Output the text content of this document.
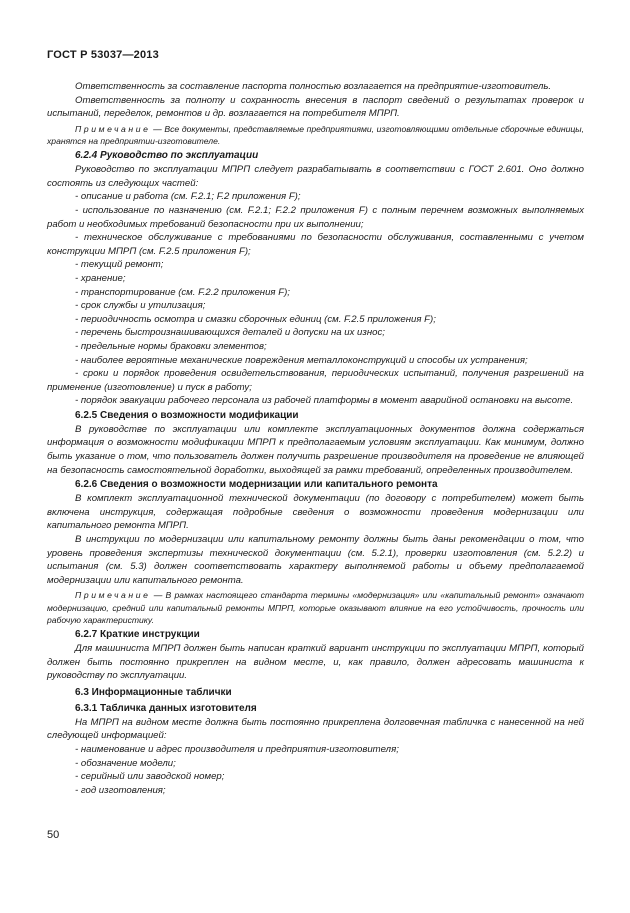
ГОСТ Р 53037—2013

Ответственность за составление паспорта полностью возлагается на предприятие-изготовитель.

Ответственность за полноту и сохранность внесения в паспорт сведений о результатах проверок и испытаний, переделок, ремонтов и др. возлагается на потребителя МПРП.

Примечание — Все документы, представляемые предприятиями, изготовляющими отдельные сборочные единицы, хранятся на предприятии-изготовителе.

6.2.4 Руководство по эксплуатации

Руководство по эксплуатации МПРП следует разрабатывать в соответствии с ГОСТ 2.601. Оно должно состоять из следующих частей:

- описание и работа (см. F.2.1; F.2 приложения F);

- использование по назначению (см. F.2.1; F.2.2 приложения F) с полным перечнем возможных выполняемых работ и необходимых требований безопасности при их выполнении;

- техническое обслуживание с требованиями по безопасности обслуживания, составленными с учетом конструкции МПРП (см. F.2.5 приложения F);

- текущий ремонт;

- хранение;

- транспортирование (см. F.2.2 приложения F);

- срок службы и утилизация;

- периодичность осмотра и смазки сборочных единиц (см. F.2.5 приложения F);

- перечень быстроизнашивающихся деталей и допуски на их износ;

- предельные нормы браковки элементов;

- наиболее вероятные механические повреждения металлоконструкций и способы их устранения;

- сроки и порядок проведения освидетельствования, периодических испытаний, получения разрешений на применение (изготовление) и пуск в работу;

- порядок эвакуации рабочего персонала из рабочей платформы в момент аварийной остановки на высоте.

6.2.5 Сведения о возможности модификации

В руководстве по эксплуатации или комплекте эксплуатационных документов должна содержаться информация о возможности модификации МПРП к предполагаемым условиям эксплуатации. Как минимум, должно быть указание о том, что пользователь должен получить разрешение производителя на проведение не влияющей на безопасность самостоятельной доработки, выходящей за рамки требований, определенных производителем.

6.2.6 Сведения о возможности модернизации или капитального ремонта

В комплект эксплуатационной технической документации (по договору с потребителем) может быть включена инструкция, содержащая подробные сведения о возможности проведения модернизации или капитального ремонта МПРП.

В инструкции по модернизации или капитальному ремонту должны быть даны рекомендации о том, что уровень проведения экспертизы технической документации (см. 5.2.1), проверки изготовления (см. 5.2.2) и испытания (см. 5.3) должен соответствовать характеру выполняемой работы и объему предполагаемой модернизации или капитального ремонта.

Примечание — В рамках настоящего стандарта термины «модернизация» или «капитальный ремонт» означают модернизацию, средний или капитальный ремонты МПРП, которые оказывают влияние на его устойчивость, прочность или рабочую характеристику.

6.2.7 Краткие инструкции

Для машиниста МПРП должен быть написан краткий вариант инструкции по эксплуатации МПРП, который должен быть постоянно прикреплен на видном месте, и, как правило, должен адресовать машиниста к руководству по эксплуатации.

6.3 Информационные таблички
6.3.1 Табличка данных изготовителя

На МПРП на видном месте должна быть постоянно прикреплена долговечная табличка с нанесенной на ней следующей информацией:

- наименование и адрес производителя и предприятия-изготовителя;

- обозначение модели;

- серийный или заводской номер;

- год изготовления;

50
